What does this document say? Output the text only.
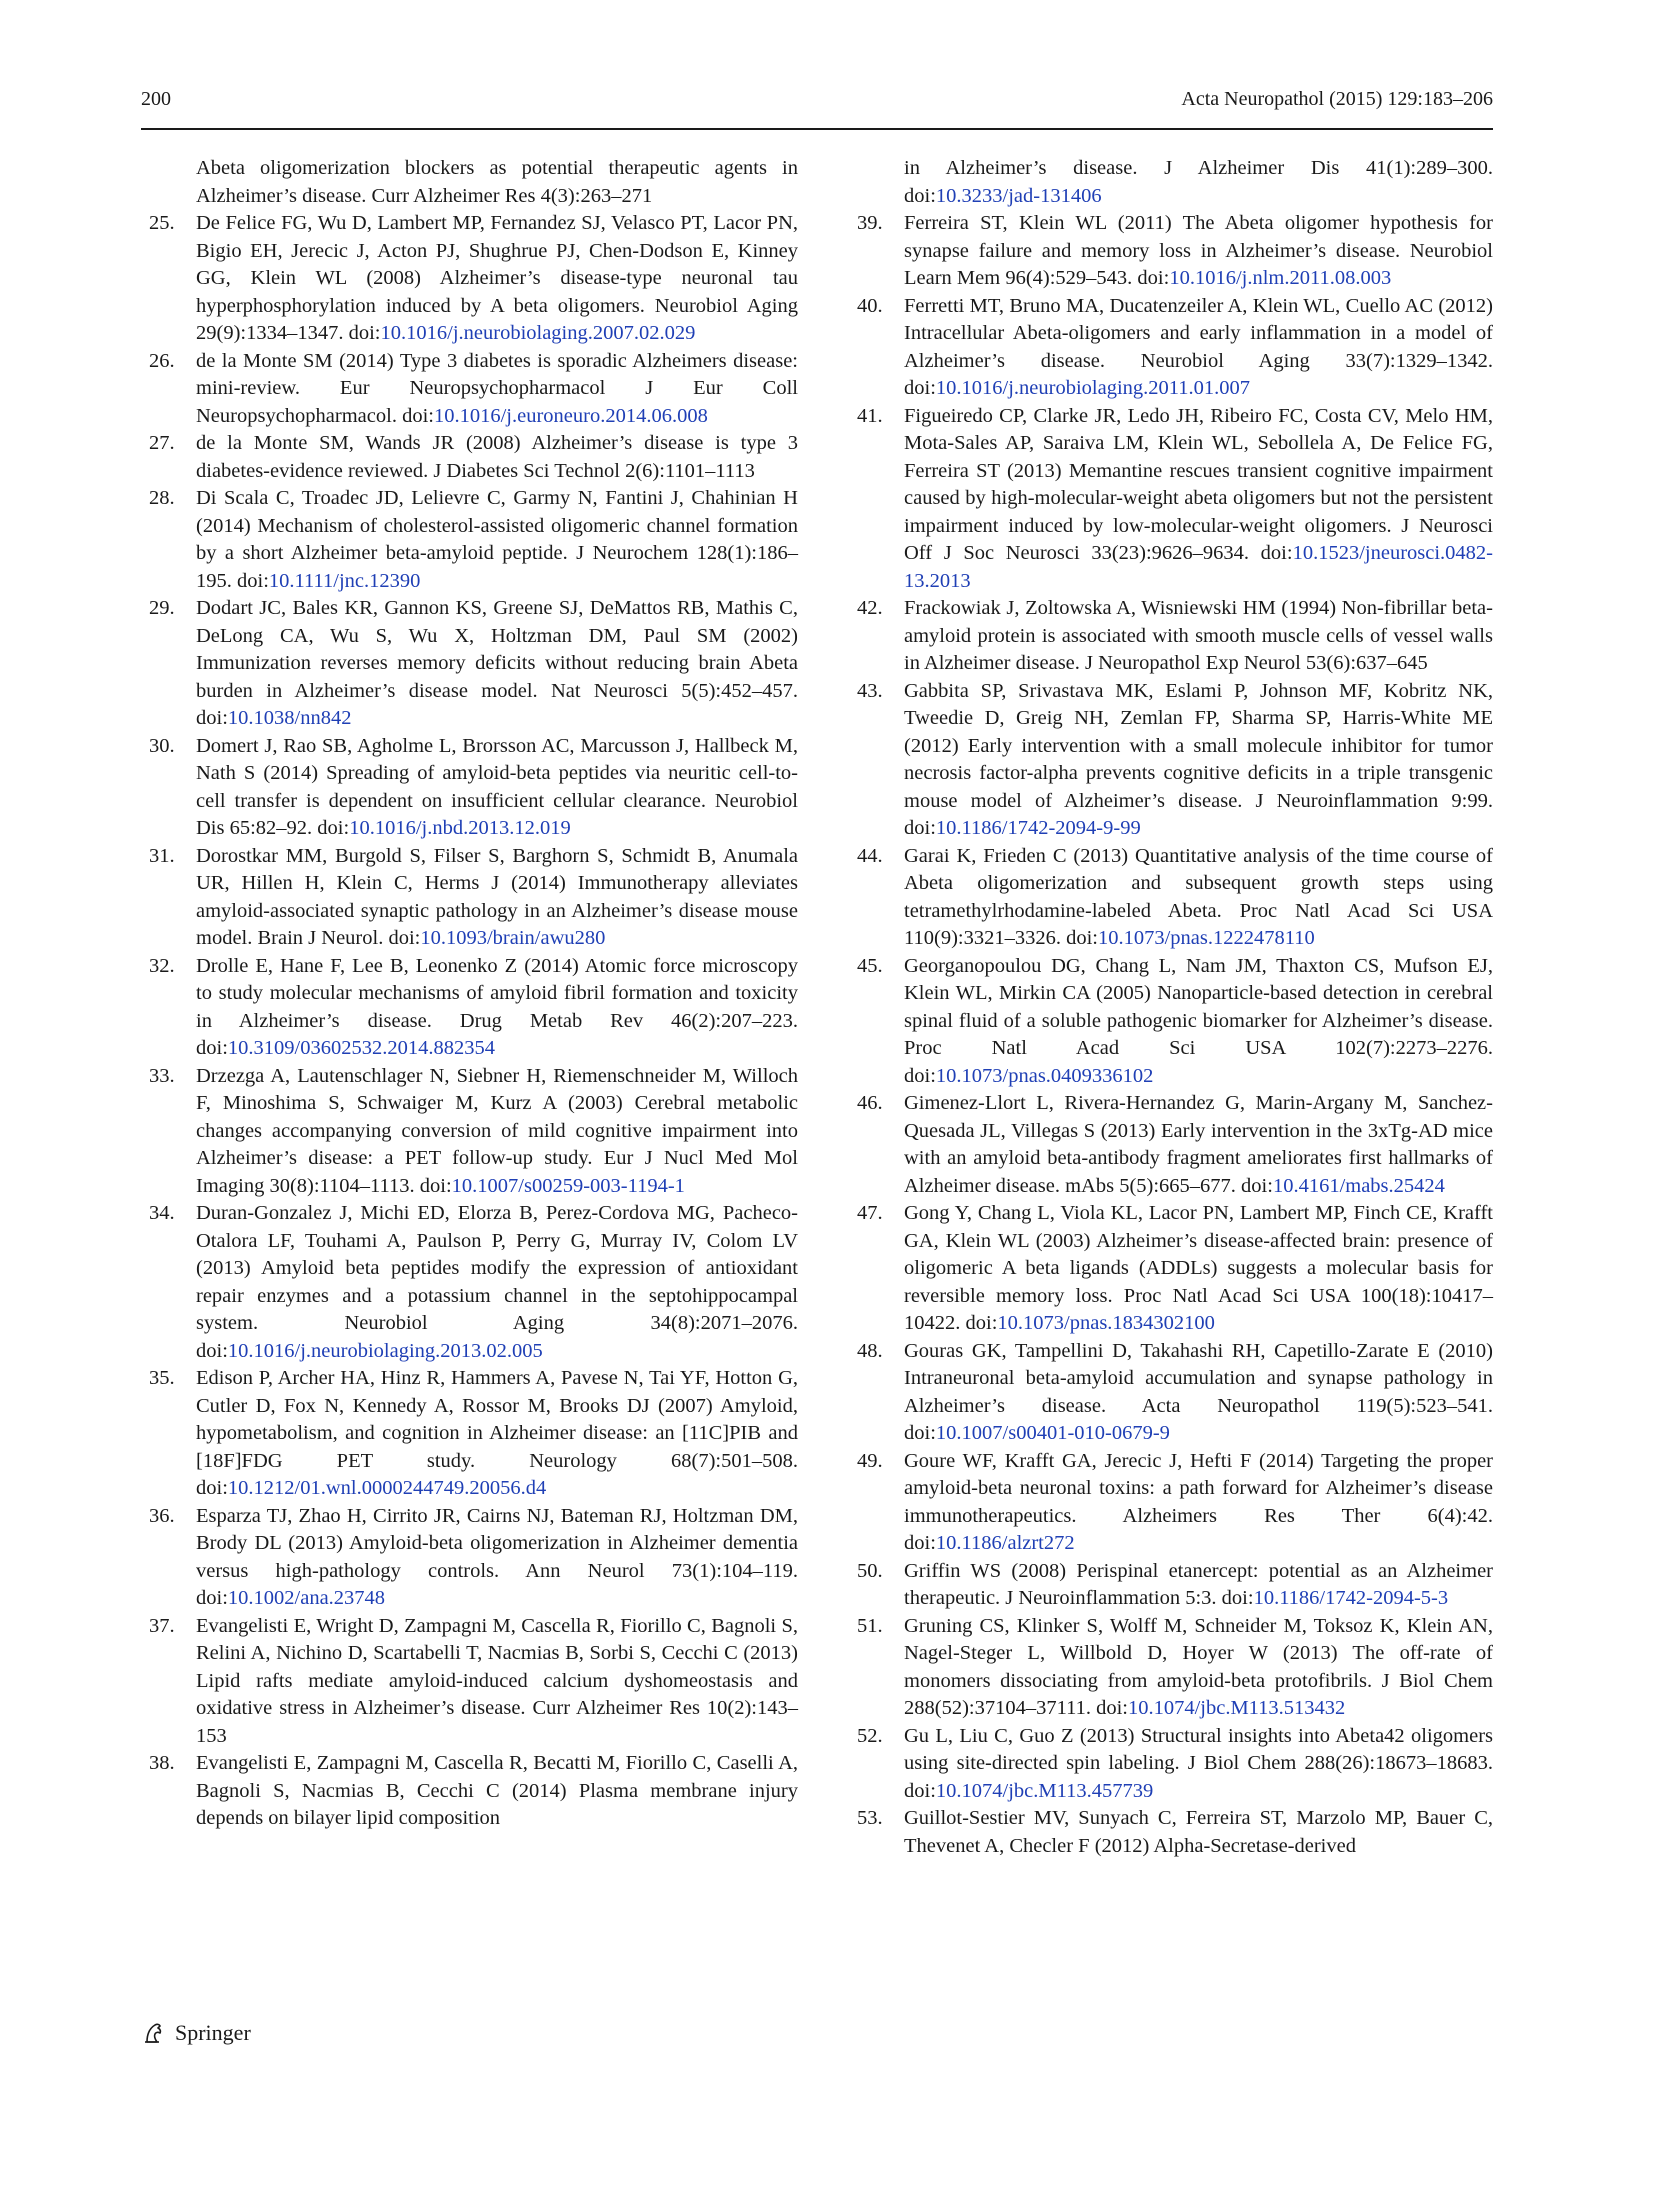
200	Acta Neuropathol (2015) 129:183–206
Abeta oligomerization blockers as potential therapeutic agents in Alzheimer’s disease. Curr Alzheimer Res 4(3):263–271
25. De Felice FG, Wu D, Lambert MP, Fernandez SJ, Velasco PT, Lacor PN, Bigio EH, Jerecic J, Acton PJ, Shughrue PJ, Chen-Dodson E, Kinney GG, Klein WL (2008) Alzheimer’s disease-type neuronal tau hyperphosphorylation induced by A beta oligomers. Neurobiol Aging 29(9):1334–1347. doi:10.1016/j.neurobiolaging.2007.02.029
26. de la Monte SM (2014) Type 3 diabetes is sporadic Alzheimers disease: mini-review. Eur Neuropsychopharmacol J Eur Coll Neuropsychopharmacol. doi:10.1016/j.euroneuro.2014.06.008
27. de la Monte SM, Wands JR (2008) Alzheimer’s disease is type 3 diabetes-evidence reviewed. J Diabetes Sci Technol 2(6):1101–1113
28. Di Scala C, Troadec JD, Lelievre C, Garmy N, Fantini J, Chahinian H (2014) Mechanism of cholesterol-assisted oligomeric channel formation by a short Alzheimer beta-amyloid peptide. J Neurochem 128(1):186–195. doi:10.1111/jnc.12390
29. Dodart JC, Bales KR, Gannon KS, Greene SJ, DeMattos RB, Mathis C, DeLong CA, Wu S, Wu X, Holtzman DM, Paul SM (2002) Immunization reverses memory deficits without reducing brain Abeta burden in Alzheimer’s disease model. Nat Neurosci 5(5):452–457. doi:10.1038/nn842
30. Domert J, Rao SB, Agholme L, Brorsson AC, Marcusson J, Hallbeck M, Nath S (2014) Spreading of amyloid-beta peptides via neuritic cell-to-cell transfer is dependent on insufficient cellular clearance. Neurobiol Dis 65:82–92. doi:10.1016/j.nbd.2013.12.019
31. Dorostkar MM, Burgold S, Filser S, Barghorn S, Schmidt B, Anumala UR, Hillen H, Klein C, Herms J (2014) Immunotherapy alleviates amyloid-associated synaptic pathology in an Alzheimer’s disease mouse model. Brain J Neurol. doi:10.1093/brain/awu280
32. Drolle E, Hane F, Lee B, Leonenko Z (2014) Atomic force microscopy to study molecular mechanisms of amyloid fibril formation and toxicity in Alzheimer’s disease. Drug Metab Rev 46(2):207–223. doi:10.3109/03602532.2014.882354
33. Drzezga A, Lautenschlager N, Siebner H, Riemenschneider M, Willoch F, Minoshima S, Schwaiger M, Kurz A (2003) Cerebral metabolic changes accompanying conversion of mild cognitive impairment into Alzheimer’s disease: a PET follow-up study. Eur J Nucl Med Mol Imaging 30(8):1104–1113. doi:10.1007/s00259-003-1194-1
34. Duran-Gonzalez J, Michi ED, Elorza B, Perez-Cordova MG, Pacheco-Otalora LF, Touhami A, Paulson P, Perry G, Murray IV, Colom LV (2013) Amyloid beta peptides modify the expression of antioxidant repair enzymes and a potassium channel in the septohippocampal system. Neurobiol Aging 34(8):2071–2076. doi:10.1016/j.neurobiolaging.2013.02.005
35. Edison P, Archer HA, Hinz R, Hammers A, Pavese N, Tai YF, Hotton G, Cutler D, Fox N, Kennedy A, Rossor M, Brooks DJ (2007) Amyloid, hypometabolism, and cognition in Alzheimer disease: an [11C]PIB and [18F]FDG PET study. Neurology 68(7):501–508. doi:10.1212/01.wnl.0000244749.20056.d4
36. Esparza TJ, Zhao H, Cirrito JR, Cairns NJ, Bateman RJ, Holtzman DM, Brody DL (2013) Amyloid-beta oligomerization in Alzheimer dementia versus high-pathology controls. Ann Neurol 73(1):104–119. doi:10.1002/ana.23748
37. Evangelisti E, Wright D, Zampagni M, Cascella R, Fiorillo C, Bagnoli S, Relini A, Nichino D, Scartabelli T, Nacmias B, Sorbi S, Cecchi C (2013) Lipid rafts mediate amyloid-induced calcium dyshomeostasis and oxidative stress in Alzheimer’s disease. Curr Alzheimer Res 10(2):143–153
38. Evangelisti E, Zampagni M, Cascella R, Becatti M, Fiorillo C, Caselli A, Bagnoli S, Nacmias B, Cecchi C (2014) Plasma membrane injury depends on bilayer lipid composition
in Alzheimer’s disease. J Alzheimer Dis 41(1):289–300. doi:10.3233/jad-131406
39. Ferreira ST, Klein WL (2011) The Abeta oligomer hypothesis for synapse failure and memory loss in Alzheimer’s disease. Neurobiol Learn Mem 96(4):529–543. doi:10.1016/j.nlm.2011.08.003
40. Ferretti MT, Bruno MA, Ducatenzeiler A, Klein WL, Cuello AC (2012) Intracellular Abeta-oligomers and early inflammation in a model of Alzheimer’s disease. Neurobiol Aging 33(7):1329–1342. doi:10.1016/j.neurobiolaging.2011.01.007
41. Figueiredo CP, Clarke JR, Ledo JH, Ribeiro FC, Costa CV, Melo HM, Mota-Sales AP, Saraiva LM, Klein WL, Sebollela A, De Felice FG, Ferreira ST (2013) Memantine rescues transient cognitive impairment caused by high-molecular-weight abeta oligomers but not the persistent impairment induced by low-molecular-weight oligomers. J Neurosci Off J Soc Neurosci 33(23):9626–9634. doi:10.1523/jneurosci.0482-13.2013
42. Frackowiak J, Zoltowska A, Wisniewski HM (1994) Non-fibrillar beta-amyloid protein is associated with smooth muscle cells of vessel walls in Alzheimer disease. J Neuropathol Exp Neurol 53(6):637–645
43. Gabbita SP, Srivastava MK, Eslami P, Johnson MF, Kobritz NK, Tweedie D, Greig NH, Zemlan FP, Sharma SP, Harris-White ME (2012) Early intervention with a small molecule inhibitor for tumor necrosis factor-alpha prevents cognitive deficits in a triple transgenic mouse model of Alzheimer’s disease. J Neuroinflammation 9:99. doi:10.1186/1742-2094-9-99
44. Garai K, Frieden C (2013) Quantitative analysis of the time course of Abeta oligomerization and subsequent growth steps using tetramethylrhodamine-labeled Abeta. Proc Natl Acad Sci USA 110(9):3321–3326. doi:10.1073/pnas.1222478110
45. Georganopoulou DG, Chang L, Nam JM, Thaxton CS, Mufson EJ, Klein WL, Mirkin CA (2005) Nanoparticle-based detection in cerebral spinal fluid of a soluble pathogenic biomarker for Alzheimer’s disease. Proc Natl Acad Sci USA 102(7):2273–2276. doi:10.1073/pnas.0409336102
46. Gimenez-Llort L, Rivera-Hernandez G, Marin-Argany M, Sanchez-Quesada JL, Villegas S (2013) Early intervention in the 3xTg-AD mice with an amyloid beta-antibody fragment ameliorates first hallmarks of Alzheimer disease. mAbs 5(5):665–677. doi:10.4161/mabs.25424
47. Gong Y, Chang L, Viola KL, Lacor PN, Lambert MP, Finch CE, Krafft GA, Klein WL (2003) Alzheimer’s disease-affected brain: presence of oligomeric A beta ligands (ADDLs) suggests a molecular basis for reversible memory loss. Proc Natl Acad Sci USA 100(18):10417–10422. doi:10.1073/pnas.1834302100
48. Gouras GK, Tampellini D, Takahashi RH, Capetillo-Zarate E (2010) Intraneuronal beta-amyloid accumulation and synapse pathology in Alzheimer’s disease. Acta Neuropathol 119(5):523–541. doi:10.1007/s00401-010-0679-9
49. Goure WF, Krafft GA, Jerecic J, Hefti F (2014) Targeting the proper amyloid-beta neuronal toxins: a path forward for Alzheimer’s disease immunotherapeutics. Alzheimers Res Ther 6(4):42. doi:10.1186/alzrt272
50. Griffin WS (2008) Perispinal etanercept: potential as an Alzheimer therapeutic. J Neuroinflammation 5:3. doi:10.1186/1742-2094-5-3
51. Gruning CS, Klinker S, Wolff M, Schneider M, Toksoz K, Klein AN, Nagel-Steger L, Willbold D, Hoyer W (2013) The off-rate of monomers dissociating from amyloid-beta protofibrils. J Biol Chem 288(52):37104–37111. doi:10.1074/jbc.M113.513432
52. Gu L, Liu C, Guo Z (2013) Structural insights into Abeta42 oligomers using site-directed spin labeling. J Biol Chem 288(26):18673–18683. doi:10.1074/jbc.M113.457739
53. Guillot-Sestier MV, Sunyach C, Ferreira ST, Marzolo MP, Bauer C, Thevenet A, Checler F (2012) Alpha-Secretase-derived
Springer
